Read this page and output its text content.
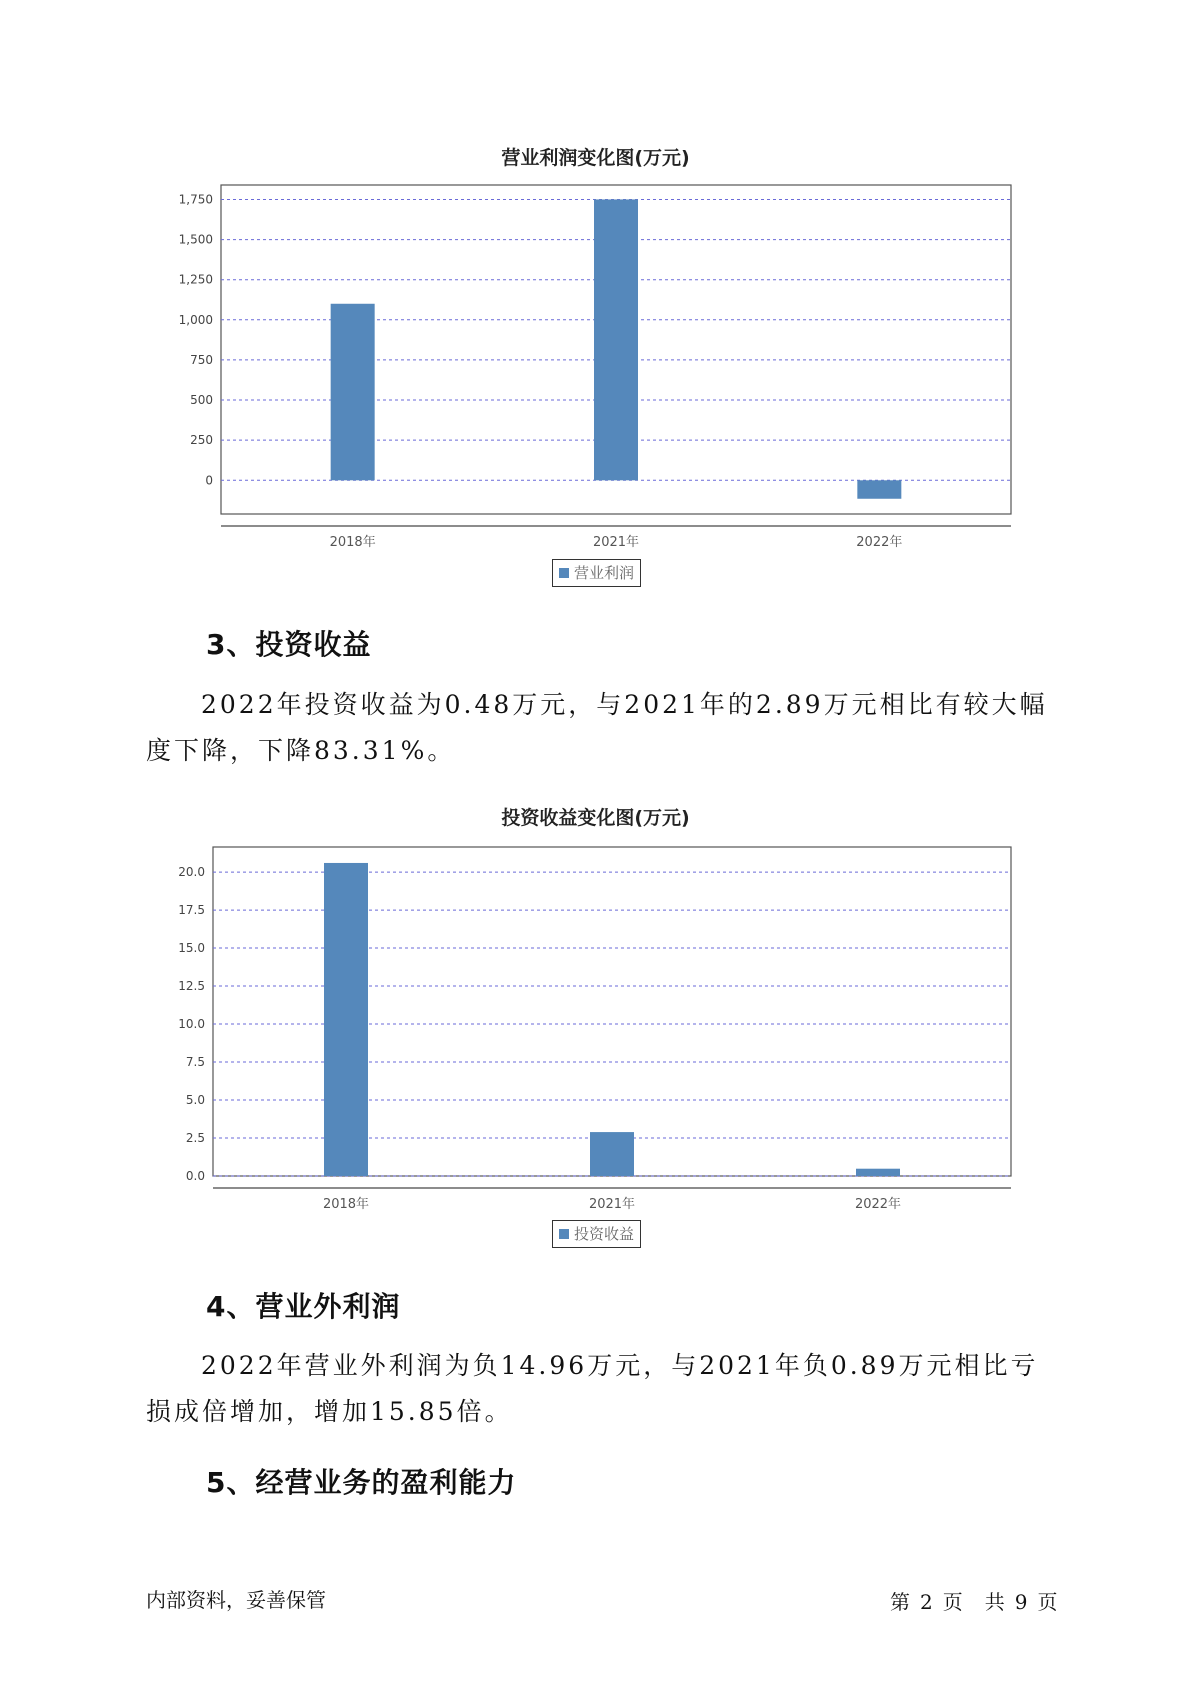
营业利润变化图(万元)
0
250
500
750
1,000
1,250
1,500
1,750
2018年	2021年	2022年
营业利润
3、投资收益

2022年投资收益为0.48万元，与2021年的2.89万元相比有较大幅度下降，下降83.31%。

投资收益变化图(万元)
0.0
2.5
5.0
7.5
10.0
12.5
15.0
17.5
20.0
2018年	2021年	2022年
投资收益
4、营业外利润

2022年营业外利润为负14.96万元，与2021年负0.89万元相比亏损成倍增加，增加15.85倍。

5、经营业务的盈利能力
内部资料，妥善保管	第 2 页 共 9 页
